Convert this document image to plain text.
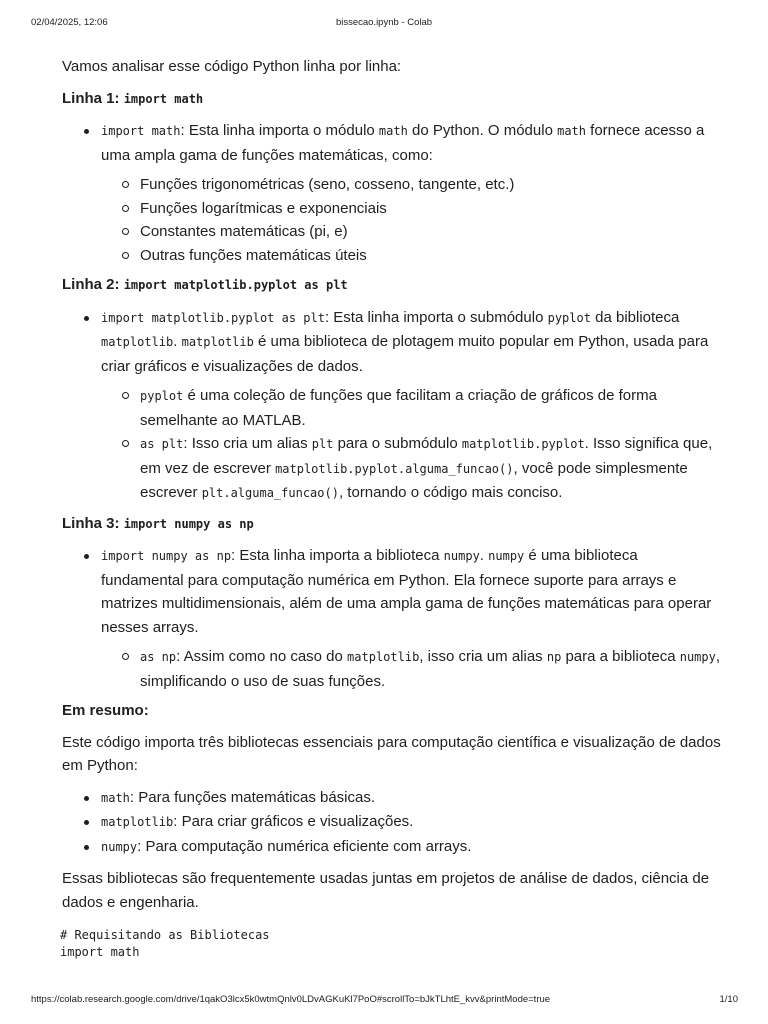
02/04/2025, 12:06	bissecao.ipynb - Colab

Vamos analisar esse código Python linha por linha:

Linha 1: import math

import math: Esta linha importa o módulo math do Python. O módulo math fornece acesso a uma ampla gama de funções matemáticas, como:
Funções trigonométricas (seno, cosseno, tangente, etc.)
Funções logarítmicas e exponenciais
Constantes matemáticas (pi, e)
Outras funções matemáticas úteis

Linha 2: import matplotlib.pyplot as plt

import matplotlib.pyplot as plt: Esta linha importa o submódulo pyplot da biblioteca matplotlib. matplotlib é uma biblioteca de plotagem muito popular em Python, usada para criar gráficos e visualizações de dados.
pyplot é uma coleção de funções que facilitam a criação de gráficos de forma semelhante ao MATLAB.
as plt: Isso cria um alias plt para o submódulo matplotlib.pyplot. Isso significa que, em vez de escrever matplotlib.pyplot.alguma_funcao(), você pode simplesmente escrever plt.alguma_funcao(), tornando o código mais conciso.

Linha 3: import numpy as np

import numpy as np: Esta linha importa a biblioteca numpy. numpy é uma biblioteca fundamental para computação numérica em Python. Ela fornece suporte para arrays e matrizes multidimensionais, além de uma ampla gama de funções matemáticas para operar nesses arrays.
as np: Assim como no caso do matplotlib, isso cria um alias np para a biblioteca numpy, simplificando o uso de suas funções.

Em resumo:

Este código importa três bibliotecas essenciais para computação científica e visualização de dados em Python:

math: Para funções matemáticas básicas.
matplotlib: Para criar gráficos e visualizações.
numpy: Para computação numérica eficiente com arrays.

Essas bibliotecas são frequentemente usadas juntas em projetos de análise de dados, ciência de dados e engenharia.

# Requisitando as Bibliotecas
import math
https://colab.research.google.com/drive/1qakO3lcx5k0wtmQnlv0LDvAGKuKl7PoO#scrollTo=bJkTLhtE_kvv&printMode=true	1/10
